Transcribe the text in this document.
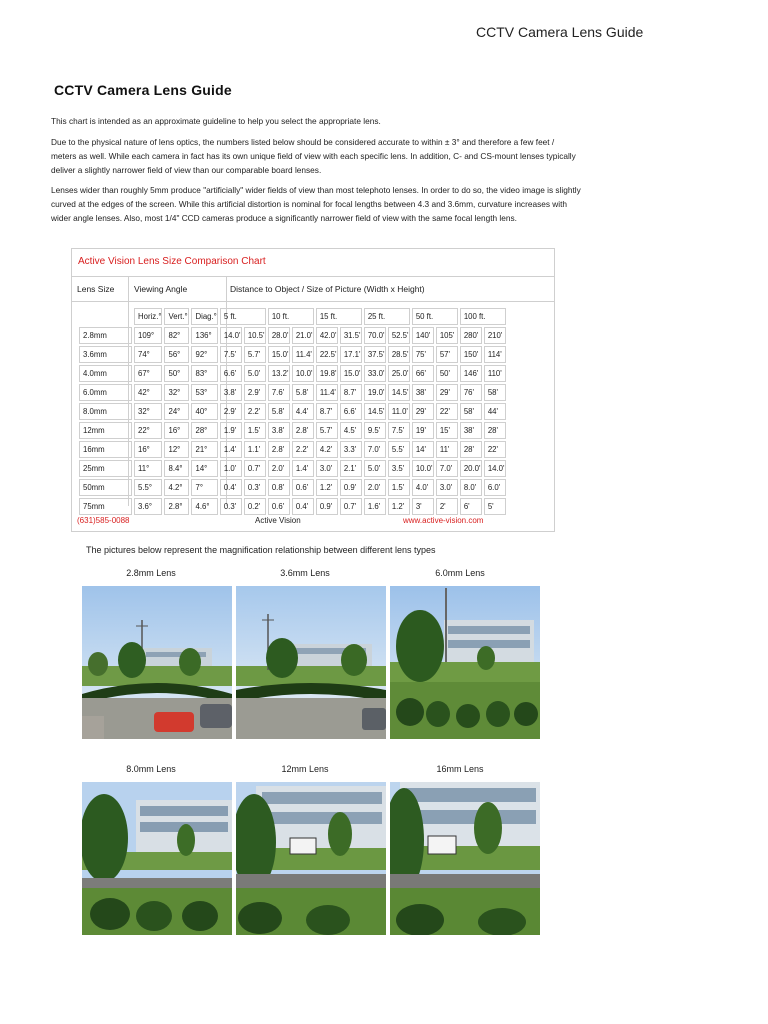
CCTV Camera Lens Guide
CCTV Camera Lens Guide
This chart is intended as an approximate guideline to help you select the appropriate lens.
Due to the physical nature of lens optics, the numbers listed below should be considered accurate to within ± 3° and therefore a few feet / meters as well. While each camera in fact has its own unique field of view with each specific lens. In addition, C- and CS-mount lenses typically deliver a slightly narrower field of view than our comparable board lenses.
Lenses wider than roughly 5mm produce "artificially" wider fields of view than most telephoto lenses. In order to do so, the video image is slightly curved at the edges of the screen. While this artificial distortion is nominal for focal lengths between 4.3 and 3.6mm, curvature increases with wider angle lenses. Also, most 1/4" CCD cameras produce a significantly narrower field of view with the same focal length lens.
Active Vision Lens Size Comparison Chart
Lens Size Viewing Angle	Distance to Object / Size of Picture (Width x Height)
	Horiz.°	Vert.°	Diag.°	5 ft.		10 ft.		15 ft.		25 ft.		50 ft.		100 ft.	
2.8mm	109°	82°	136°	14.0'	10.5'	28.0'	21.0'	42.0'	31.5'	70.0'	52.5'	140'	105'	280'	210'
3.6mm	74°	56°	92°	7.5'	5.7'	15.0'	11.4'	22.5'	17.1'	37.5'	28.5'	75'	57'	150'	114'
4.0mm	67°	50°	83°	6.6'	5.0'	13.2'	10.0'	19.8'	15.0'	33.0'	25.0'	66'	50'	146'	110'
6.0mm	42°	32°	53°	3.8'	2.9'	7.6'	5.8'	11.4'	8.7'	19.0'	14.5'	38'	29'	76'	58'
8.0mm	32°	24°	40°	2.9'	2.2'	5.8'	4.4'	8.7'	6.6'	14.5'	11.0'	29'	22'	58'	44'
12mm	22°	16°	28°	1.9'	1.5'	3.8'	2.8'	5.7'	4.5'	9.5'	7.5'	19'	15'	38'	28'
16mm	16°	12°	21°	1.4'	1.1'	2.8'	2.2'	4.2'	3.3'	7.0'	5.5'	14'	11'	28'	22'
25mm	11°	8.4°	14°	1.0'	0.7'	2.0'	1.4'	3.0'	2.1'	5.0'	3.5'	10.0'	7.0'	20.0'	14.0'
50mm	5.5°	4.2°	7°	0.4'	0.3'	0.8'	0.6'	1.2'	0.9'	2.0'	1.5'	4.0'	3.0'	8.0'	6.0'
75mm	3.6°	2.8°	4.6°	0.3'	0.2'	0.6'	0.4'	0.9'	0.7'	1.6'	1.2'	3'	2'	6'	5'
(631)585-0088	Active Vision	www.active-vision.com
The pictures below represent the magnification relationship between different lens types
2.8mm Lens	3.6mm Lens	6.0mm Lens
8.0mm Lens	12mm Lens	16mm Lens
